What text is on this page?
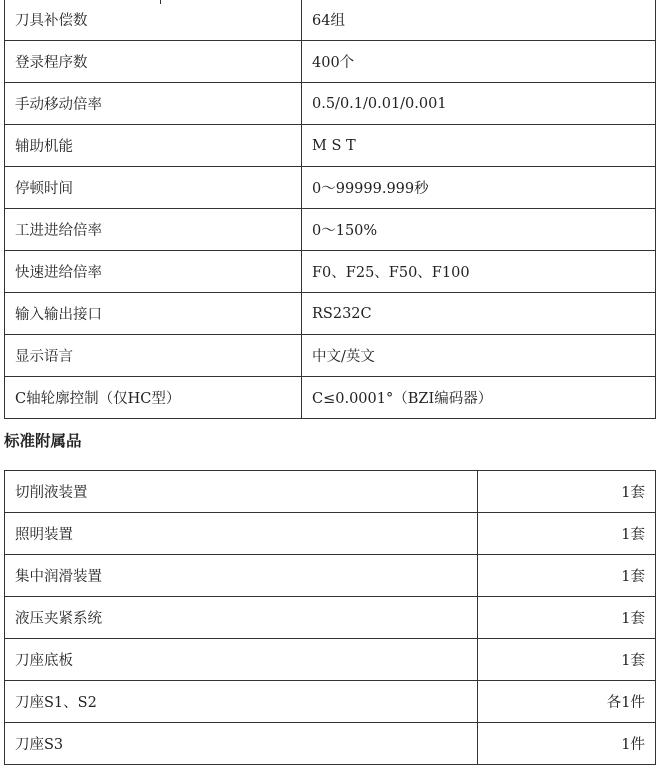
刀具补偿数	64组
登录程序数	400个
手动移动倍率	0.5/0.1/0.01/0.001
辅助机能	M S T
停顿时间	0～99999.999秒
工进进给倍率	0～150%
快速进给倍率	F0、F25、F50、F100
输入输出接口	RS232C
显示语言	中文/英文
C轴轮廓控制（仅HC型）	C≤0.0001°（BZI编码器）
标准附属品
切削液装置	1套
照明装置	1套
集中润滑装置	1套
液压夹紧系统	1套
刀座底板	1套
刀座S1、S2	各1件
刀座S3	1件
